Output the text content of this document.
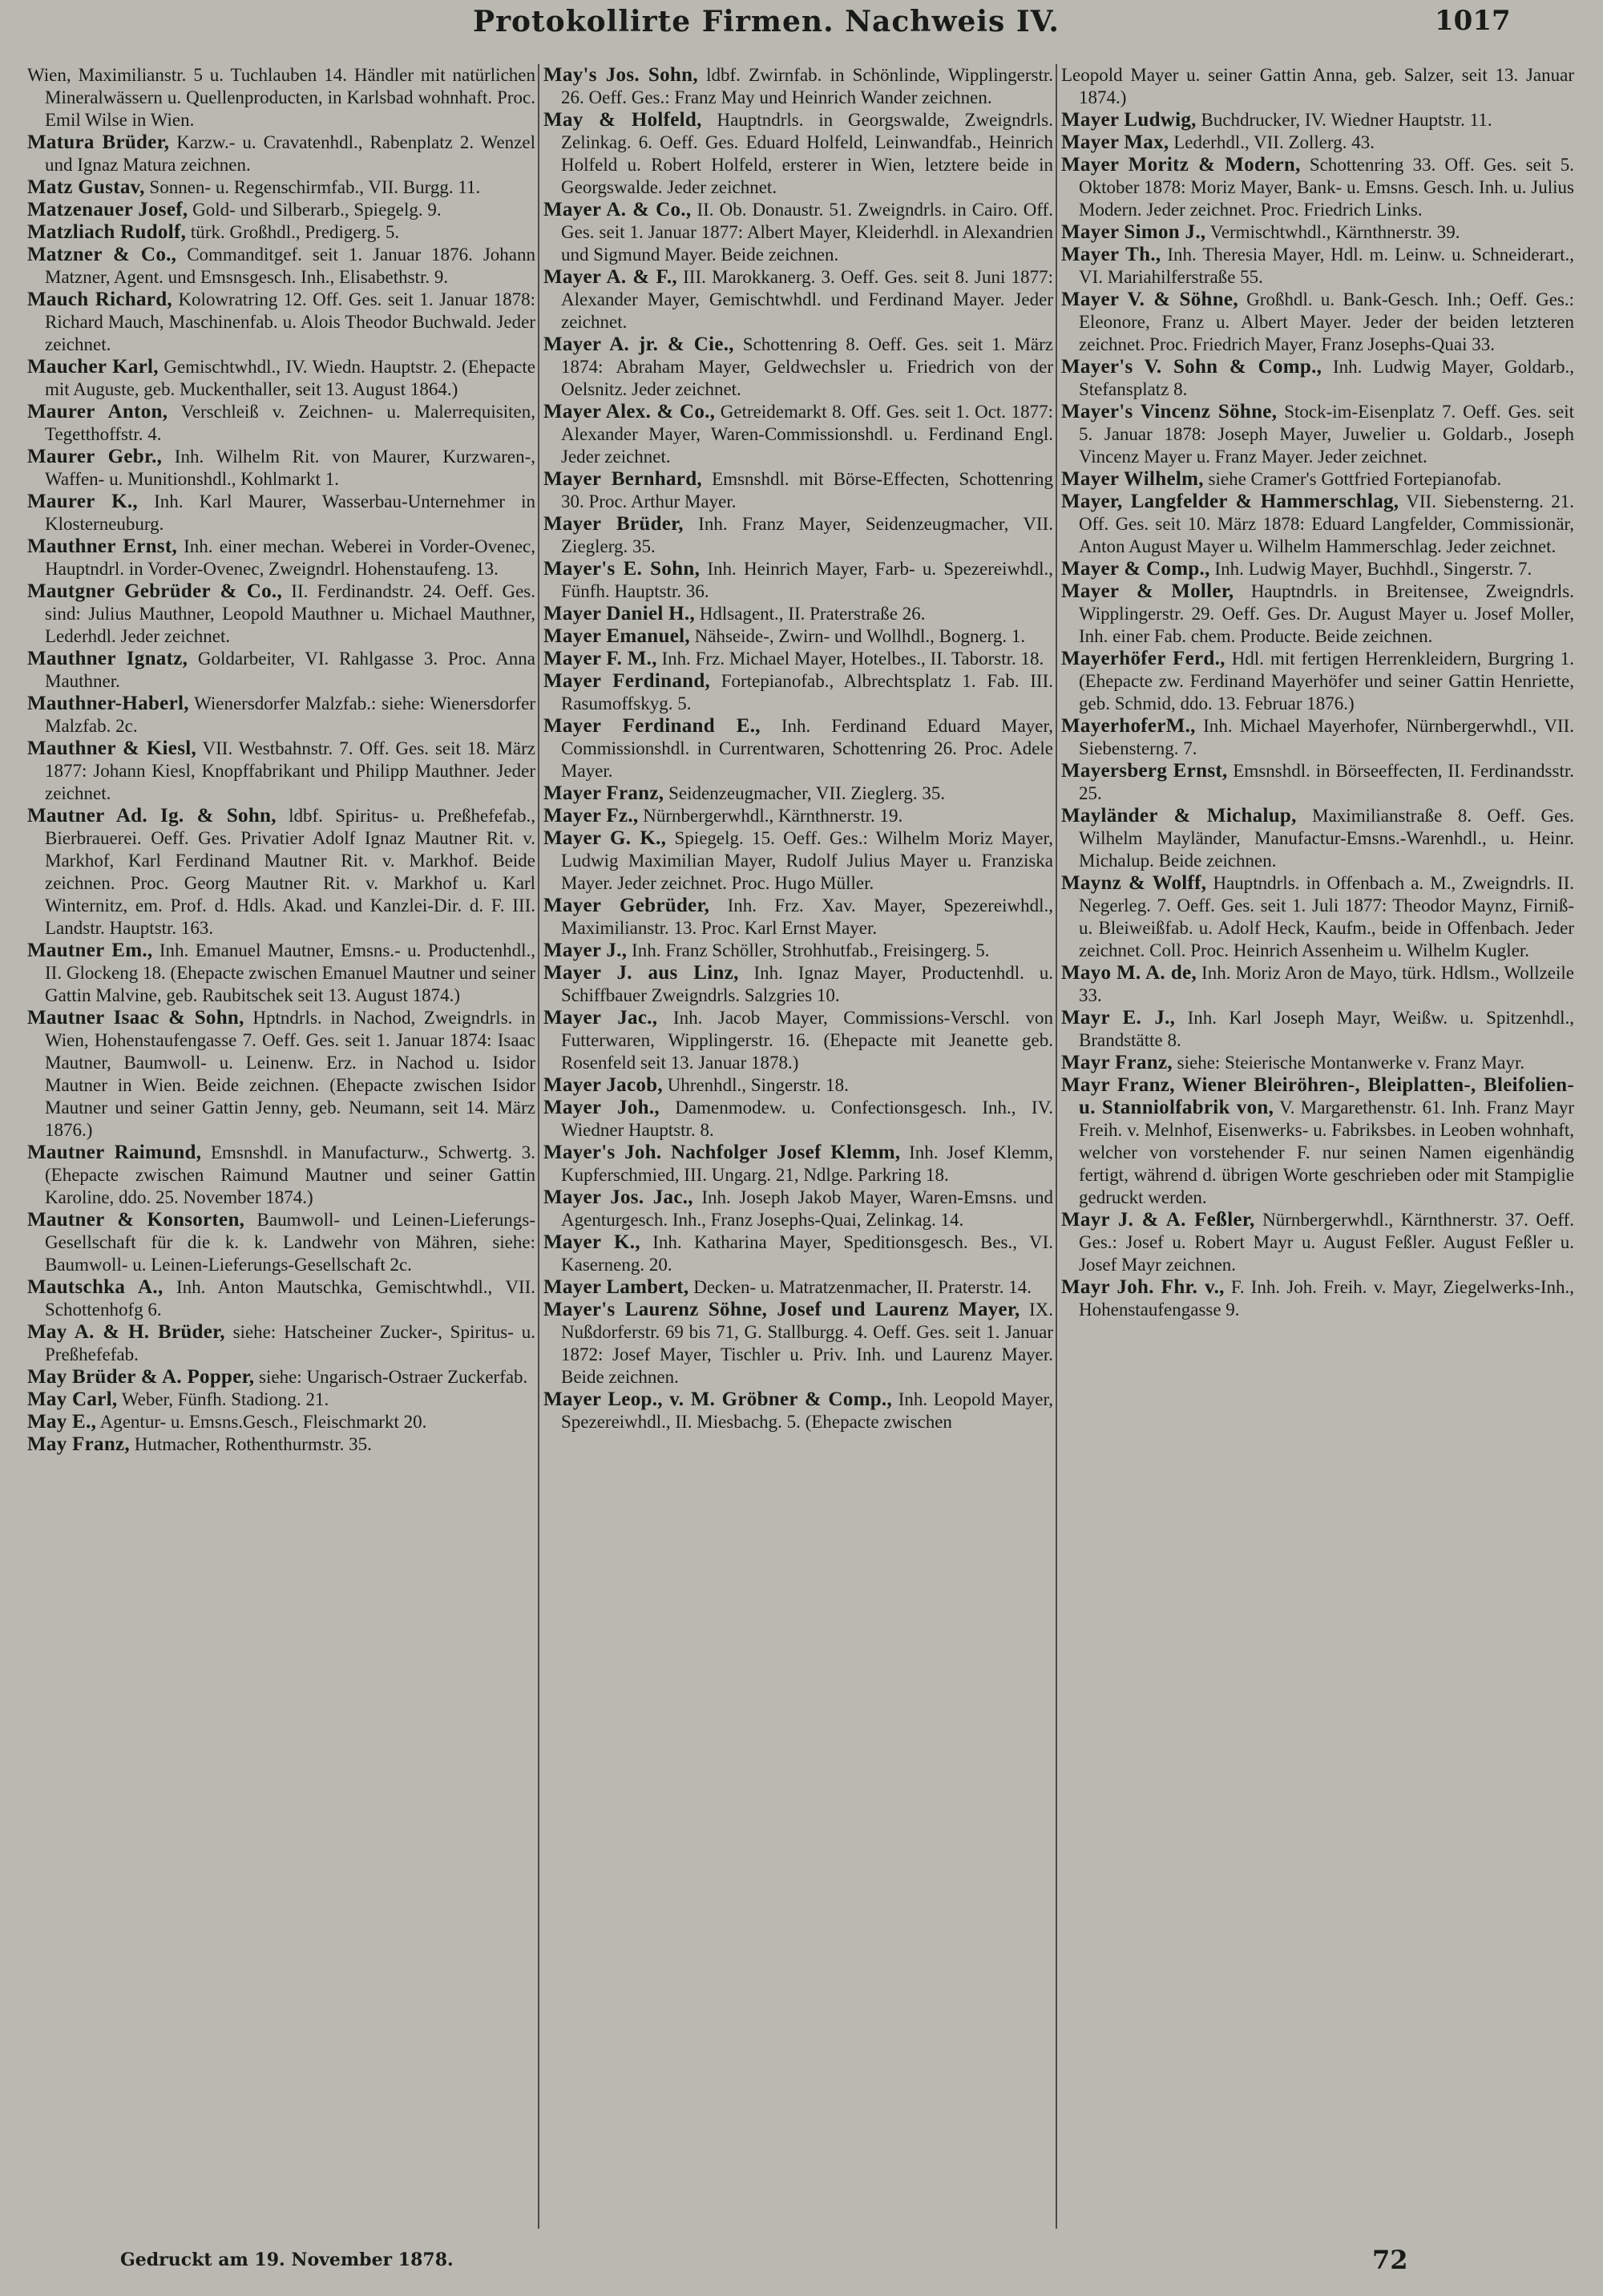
Protokollirte Firmen. Nachweis IV.	1017

Wien, Maximilianstr. 5 u. Tuchlauben 14. Händler mit natürlichen Mineralwässern u. Quellenproducten, in Karlsbad wohnhaft. Proc. Emil Wilse in Wien.

Matura Brüder, Karzw.- u. Cravatenhdl., Rabenplatz 2. Wenzel und Ignaz Matura zeichnen.

Matz Gustav, Sonnen- u. Regenschirmfab., VII. Burgg. 11.

Matzenauer Josef, Gold- und Silberarb., Spiegelg. 9.

Matzliach Rudolf, türk. Großhdl., Predigerg. 5.

Matzner & Co., Commanditgef. seit 1. Januar 1876. Johann Matzner, Agent. und Emsnsgesch. Inh., Elisabethstr. 9.

Mauch Richard, Kolowratring 12. Off. Ges. seit 1. Januar 1878: Richard Mauch, Maschinenfab. u. Alois Theodor Buchwald. Jeder zeichnet.

Maucher Karl, Gemischtwhdl., IV. Wiedn. Hauptstr. 2. (Ehepacte mit Auguste, geb. Muckenthaller, seit 13. August 1864.)

Maurer Anton, Verschleiß v. Zeichnen- u. Malerrequisiten, Tegetthoffstr. 4.

Maurer Gebr., Inh. Wilhelm Rit. von Maurer, Kurzwaren-, Waffen- u. Munitionshdl., Kohlmarkt 1.

Maurer K., Inh. Karl Maurer, Wasserbau-Unternehmer in Klosterneuburg.

Mauthner Ernst, Inh. einer mechan. Weberei in Vorder-Ovenec, Hauptndrl. in Vorder-Ovenec, Zweigndrl. Hohenstaufeng. 13.

Mautgner Gebrüder & Co., II. Ferdinandstr. 24. Oeff. Ges. sind: Julius Mauthner, Leopold Mauthner u. Michael Mauthner, Lederhdl. Jeder zeichnet.

Mauthner Ignatz, Goldarbeiter, VI. Rahlgasse 3. Proc. Anna Mauthner.

Mauthner-Haberl, Wienersdorfer Malzfab.: siehe: Wienersdorfer Malzfab. 2c.

Mauthner & Kiesl, VII. Westbahnstr. 7. Off. Ges. seit 18. März 1877: Johann Kiesl, Knopffabrikant und Philipp Mauthner. Jeder zeichnet.

Mautner Ad. Ig. & Sohn, ldbf. Spiritus- u. Preßhefefab., Bierbrauerei. Oeff. Ges. Privatier Adolf Ignaz Mautner Rit. v. Markhof, Karl Ferdinand Mautner Rit. v. Markhof. Beide zeichnen. Proc. Georg Mautner Rit. v. Markhof u. Karl Winternitz, em. Prof. d. Hdls. Akad. und Kanzlei-Dir. d. F. III. Landstr. Hauptstr. 163.

Mautner Em., Inh. Emanuel Mautner, Emsns.- u. Productenhdl., II. Glockeng 18. (Ehepacte zwischen Emanuel Mautner und seiner Gattin Malvine, geb. Raubitschek seit 13. August 1874.)

Mautner Isaac & Sohn, Hptndrls. in Nachod, Zweigndrls. in Wien, Hohenstaufengasse 7. Oeff. Ges. seit 1. Januar 1874: Isaac Mautner, Baumwoll- u. Leinenw. Erz. in Nachod u. Isidor Mautner in Wien. Beide zeichnen. (Ehepacte zwischen Isidor Mautner und seiner Gattin Jenny, geb. Neumann, seit 14. März 1876.)

Mautner Raimund, Emsnshdl. in Manufacturw., Schwertg. 3. (Ehepacte zwischen Raimund Mautner und seiner Gattin Karoline, ddo. 25. November 1874.)

Mautner & Konsorten, Baumwoll- und Leinen-Lieferungs-Gesellschaft für die k. k. Landwehr von Mähren, siehe: Baumwoll- u. Leinen-Lieferungs-Gesellschaft 2c.

Mautschka A., Inh. Anton Mautschka, Gemischtwhdl., VII. Schottenhofg 6.

May A. & H. Brüder, siehe: Hatscheiner Zucker-, Spiritus- u. Preßhefefab.

May Brüder & A. Popper, siehe: Ungarisch-Ostraer Zuckerfab.

May Carl, Weber, Fünfh. Stadiong. 21.

May E., Agentur- u. Emsns.Gesch., Fleischmarkt 20.

May Franz, Hutmacher, Rothenthurmstr. 35.

May's Jos. Sohn, ldbf. Zwirnfab. in Schönlinde, Wipplingerstr. 26. Oeff. Ges.: Franz May und Heinrich Wander zeichnen.

May & Holfeld, Hauptndrls. in Georgswalde, Zweigndrls. Zelinkag. 6. Oeff. Ges. Eduard Holfeld, Leinwandfab., Heinrich Holfeld u. Robert Holfeld, ersterer in Wien, letztere beide in Georgswalde. Jeder zeichnet.

Mayer A. & Co., II. Ob. Donaustr. 51. Zweigndrls. in Cairo. Off. Ges. seit 1. Januar 1877: Albert Mayer, Kleiderhdl. in Alexandrien und Sigmund Mayer. Beide zeichnen.

Mayer A. & F., III. Marokkanerg. 3. Oeff. Ges. seit 8. Juni 1877: Alexander Mayer, Gemischtwhdl. und Ferdinand Mayer. Jeder zeichnet.

Mayer A. jr. & Cie., Schottenring 8. Oeff. Ges. seit 1. März 1874: Abraham Mayer, Geldwechsler u. Friedrich von der Oelsnitz. Jeder zeichnet.

Mayer Alex. & Co., Getreidemarkt 8. Off. Ges. seit 1. Oct. 1877: Alexander Mayer, Waren-Commissionshdl. u. Ferdinand Engl. Jeder zeichnet.

Mayer Bernhard, Emsnshdl. mit Börse-Effecten, Schottenring 30. Proc. Arthur Mayer.

Mayer Brüder, Inh. Franz Mayer, Seidenzeugmacher, VII. Zieglerg. 35.

Mayer's E. Sohn, Inh. Heinrich Mayer, Farb- u. Spezereiwhdl., Fünfh. Hauptstr. 36.

Mayer Daniel H., Hdlsagent., II. Praterstraße 26.

Mayer Emanuel, Nähseide-, Zwirn- und Wollhdl., Bognerg. 1.

Mayer F. M., Inh. Frz. Michael Mayer, Hotelbes., II. Taborstr. 18.

Mayer Ferdinand, Fortepianofab., Albrechtsplatz 1. Fab. III. Rasumoffskyg. 5.

Mayer Ferdinand E., Inh. Ferdinand Eduard Mayer, Commissionshdl. in Currentwaren, Schottenring 26. Proc. Adele Mayer.

Mayer Franz, Seidenzeugmacher, VII. Zieglerg. 35.

Mayer Fz., Nürnbergerwhdl., Kärnthnerstr. 19.

Mayer G. K., Spiegelg. 15. Oeff. Ges.: Wilhelm Moriz Mayer, Ludwig Maximilian Mayer, Rudolf Julius Mayer u. Franziska Mayer. Jeder zeichnet. Proc. Hugo Müller.

Mayer Gebrüder, Inh. Frz. Xav. Mayer, Spezereiwhdl., Maximilianstr. 13. Proc. Karl Ernst Mayer.

Mayer J., Inh. Franz Schöller, Strohhutfab., Freisingerg. 5.

Mayer J. aus Linz, Inh. Ignaz Mayer, Productenhdl. u. Schiffbauer Zweigndrls. Salzgries 10.

Mayer Jac., Inh. Jacob Mayer, Commissions-Verschl. von Futterwaren, Wipplingerstr. 16. (Ehepacte mit Jeanette geb. Rosenfeld seit 13. Januar 1878.)

Mayer Jacob, Uhrenhdl., Singerstr. 18.

Mayer Joh., Damenmodew. u. Confectionsgesch. Inh., IV. Wiedner Hauptstr. 8.

Mayer's Joh. Nachfolger Josef Klemm, Inh. Josef Klemm, Kupferschmied, III. Ungarg. 21, Ndlge. Parkring 18.

Mayer Jos. Jac., Inh. Joseph Jakob Mayer, Waren-Emsns. und Agenturgesch. Inh., Franz Josephs-Quai, Zelinkag. 14.

Mayer K., Inh. Katharina Mayer, Speditionsgesch. Bes., VI. Kaserneng. 20.

Mayer Lambert, Decken- u. Matratzenmacher, II. Praterstr. 14.

Mayer's Laurenz Söhne, Josef und Laurenz Mayer, IX. Nußdorferstr. 69 bis 71, G. Stallburgg. 4. Oeff. Ges. seit 1. Januar 1872: Josef Mayer, Tischler u. Priv. Inh. und Laurenz Mayer. Beide zeichnen.

Mayer Leop., v. M. Gröbner & Comp., Inh. Leopold Mayer, Spezereiwhdl., II. Miesbachg. 5. (Ehepacte zwischen

Leopold Mayer u. seiner Gattin Anna, geb. Salzer, seit 13. Januar 1874.)

Mayer Ludwig, Buchdrucker, IV. Wiedner Hauptstr. 11.

Mayer Max, Lederhdl., VII. Zollerg. 43.

Mayer Moritz & Modern, Schottenring 33. Off. Ges. seit 5. Oktober 1878: Moriz Mayer, Bank- u. Emsns. Gesch. Inh. u. Julius Modern. Jeder zeichnet. Proc. Friedrich Links.

Mayer Simon J., Vermischtwhdl., Kärnthnerstr. 39.

Mayer Th., Inh. Theresia Mayer, Hdl. m. Leinw. u. Schneiderart., VI. Mariahilferstraße 55.

Mayer V. & Söhne, Großhdl. u. Bank-Gesch. Inh.; Oeff. Ges.: Eleonore, Franz u. Albert Mayer. Jeder der beiden letzteren zeichnet. Proc. Friedrich Mayer, Franz Josephs-Quai 33.

Mayer's V. Sohn & Comp., Inh. Ludwig Mayer, Goldarb., Stefansplatz 8.

Mayer's Vincenz Söhne, Stock-im-Eisenplatz 7. Oeff. Ges. seit 5. Januar 1878: Joseph Mayer, Juwelier u. Goldarb., Joseph Vincenz Mayer u. Franz Mayer. Jeder zeichnet.

Mayer Wilhelm, siehe Cramer's Gottfried Fortepianofab.

Mayer, Langfelder & Hammerschlag, VII. Siebensterng. 21. Off. Ges. seit 10. März 1878: Eduard Langfelder, Commissionär, Anton August Mayer u. Wilhelm Hammerschlag. Jeder zeichnet.

Mayer & Comp., Inh. Ludwig Mayer, Buchhdl., Singerstr. 7.

Mayer & Moller, Hauptndrls. in Breitensee, Zweigndrls. Wipplingerstr. 29. Oeff. Ges. Dr. August Mayer u. Josef Moller, Inh. einer Fab. chem. Producte. Beide zeichnen.

Mayerhöfer Ferd., Hdl. mit fertigen Herrenkleidern, Burgring 1. (Ehepacte zw. Ferdinand Mayerhöfer und seiner Gattin Henriette, geb. Schmid, ddo. 13. Februar 1876.)

MayerhoferM., Inh. Michael Mayerhofer, Nürnbergerwhdl., VII. Siebensterng. 7.

Mayersberg Ernst, Emsnshdl. in Börseeffecten, II. Ferdinandsstr. 25.

Mayländer & Michalup, Maximilianstraße 8. Oeff. Ges. Wilhelm Mayländer, Manufactur-Emsns.-Warenhdl., u. Heinr. Michalup. Beide zeichnen.

Maynz & Wolff, Hauptndrls. in Offenbach a. M., Zweigndrls. II. Negerleg. 7. Oeff. Ges. seit 1. Juli 1877: Theodor Maynz, Firniß- u. Bleiweißfab. u. Adolf Heck, Kaufm., beide in Offenbach. Jeder zeichnet. Coll. Proc. Heinrich Assenheim u. Wilhelm Kugler.

Mayo M. A. de, Inh. Moriz Aron de Mayo, türk. Hdlsm., Wollzeile 33.

Mayr E. J., Inh. Karl Joseph Mayr, Weißw. u. Spitzenhdl., Brandstätte 8.

Mayr Franz, siehe: Steierische Montanwerke v. Franz Mayr.

Mayr Franz, Wiener Bleiröhren-, Bleiplatten-, Bleifolien- u. Stanniolfabrik von, V. Margarethenstr. 61. Inh. Franz Mayr Freih. v. Melnhof, Eisenwerks- u. Fabriksbes. in Leoben wohnhaft, welcher von vorstehender F. nur seinen Namen eigenhändig fertigt, während d. übrigen Worte geschrieben oder mit Stampiglie gedruckt werden.

Mayr J. & A. Feßler, Nürnbergerwhdl., Kärnthnerstr. 37. Oeff. Ges.: Josef u. Robert Mayr u. August Feßler. August Feßler u. Josef Mayr zeichnen.

Mayr Joh. Fhr. v., F. Inh. Joh. Freih. v. Mayr, Ziegelwerks-Inh., Hohenstaufengasse 9.

Gedruckt am 19. November 1878.	72
